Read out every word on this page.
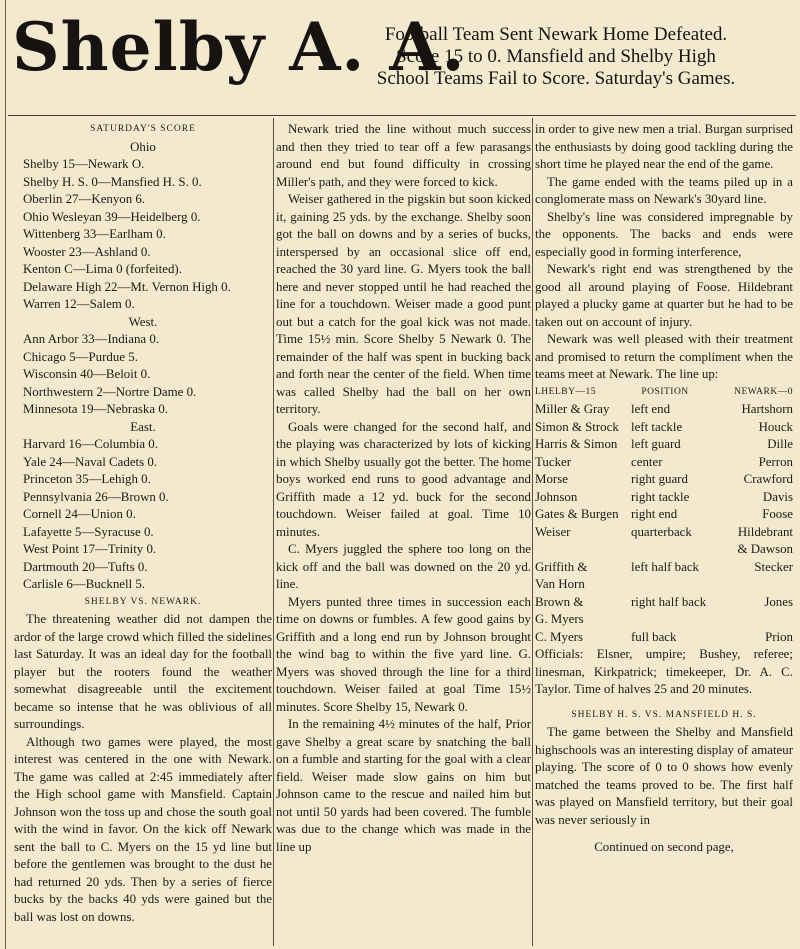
Shelby A. A.
Football Team Sent Newark Home Defeated.
Score 15 to 0. Mansfield and Shelby High
School Teams Fail to Score. Saturday's Games.
SATURDAY'S SCORE
Ohio
Shelby 15—Newark O.
Shelby H. S. 0—Mansfied H. S. 0.
Oberlin 27—Kenyon 6.
Ohio Wesleyan 39—Heidelberg 0.
Wittenberg 33—Earlham 0.
Wooster 23—Ashland 0.
Kenton C—Lima 0 (forfeited).
Delaware High 22—Mt. Vernon High 0.
Warren 12—Salem 0.
West.
Ann Arbor 33—Indiana 0.
Chicago 5—Purdue 5.
Wisconsin 40—Beloit 0.
Northwestern 2—Nortre Dame 0.
Minnesota 19—Nebraska 0.
East.
Harvard 16—Columbia 0.
Yale 24—Naval Cadets 0.
Princeton 35—Lehigh 0.
Pennsylvania 26—Brown 0.
Cornell 24—Union 0.
Lafayette 5—Syracuse 0.
West Point 17—Trinity 0.
Dartmouth 20—Tufts 0.
Carlisle 6—Bucknell 5.
SHELBY VS. NEWARK.

The threatening weather did not dampen the ardor of the large crowd which filled the sidelines last Saturday. It was an ideal day for the football player but the rooters found the weather somewhat disagreeable until the excitement became so intense that he was oblivious of all surroundings.

Although two games were played, the most interest was centered in the one with Newark. The game was called at 2:45 immediately after the High school game with Mansfield. Captain Johnson won the toss up and chose the south goal with the wind in favor. On the kick off Newark sent the ball to C. Myers on the 15 yd line but before the gentlemen was brought to the dust he had returned 20 yds. Then by a series of fierce bucks by the backs 40 yds were gained but the ball was lost on downs.

Newark tried the line without much success and then they tried to tear off a few parasangs around end but found difficulty in crossing Miller's path, and they were forced to kick.

Weiser gathered in the pigskin but soon kicked it, gaining 25 yds. by the exchange. Shelby soon got the ball on downs and by a series of bucks, interspersed by an occasional slice off end, reached the 30 yard line. G. Myers took the ball here and never stopped until he had reached the line for a touchdown. Weiser made a good punt out but a catch for the goal kick was not made. Time 15½ min. Score Shelby 5 Newark 0. The remainder of the half was spent in bucking back and forth near the center of the field. When time was called Shelby had the ball on her own territory.

Goals were changed for the second half, and the playing was characterized by lots of kicking in which Shelby usually got the better. The home boys worked end runs to good advantage and Griffith made a 12 yd. buck for the second touchdown. Weiser failed at goal. Time 10 minutes.

C. Myers juggled the sphere too long on the kick off and the ball was downed on the 20 yd. line.

Myers punted three times in succession each time on downs or fumbles. A few good gains by Griffith and a long end run by Johnson brought the wind bag to within the five yard line. G. Myers was shoved through the line for a third touchdown. Weiser failed at goal Time 15½ minutes. Score Shelby 15, Newark 0.

In the remaining 4½ minutes of the half, Prior gave Shelby a great scare by snatching the ball on a fumble and starting for the goal with a clear field. Weiser made slow gains on him but Johnson came to the rescue and nailed him but not until 50 yards had been covered. The fumble was due to the change which was made in the line up

in order to give new men a trial. Burgan surprised the enthusiasts by doing good tackling during the short time he played near the end of the game.

The game ended with the teams piled up in a conglomerate mass on Newark's 30yard line.

Shelby's line was considered impregnable by the opponents. The backs and ends were especially good in forming interference,

Newark's right end was strengthened by the good all around playing of Foose. Hildebrant played a plucky game at quarter but he had to be taken out on account of injury.

Newark was well pleased with their treatment and promised to return the compliment when the teams meet at Newark. The line up:

LHELBY—15	POSITION	NEWARK—0
Miller & Gray	left end	Hartshorn
Simon & Strock left tackle	Houck
Harris & Simon	left guard	Dille
Tucker	center	Perron
Morse	right guard	Crawford
Johnson	right tackle	Davis
Gates & Burgen right end	Foose
Weiser	quarterback	Hildebrant
& Dawson
Griffith &	left half back	Stecker
Van Horn
Brown &	right half back	Jones
G. Myers
C. Myers	full back	Prion

Officials: Elsner, umpire; Bushey, referee; linesman, Kirkpatrick; timekeeper, Dr. A. C. Taylor. Time of halves 25 and 20 minutes.

SHELBY H. S. VS. MANSFIELD H. S.

The game between the Shelby and Mansfield highschools was an interesting display of amateur playing. The score of 0 to 0 shows how evenly matched the teams proved to be. The first half was played on Mansfield territory, but their goal was never seriously in

Continued on second page,
